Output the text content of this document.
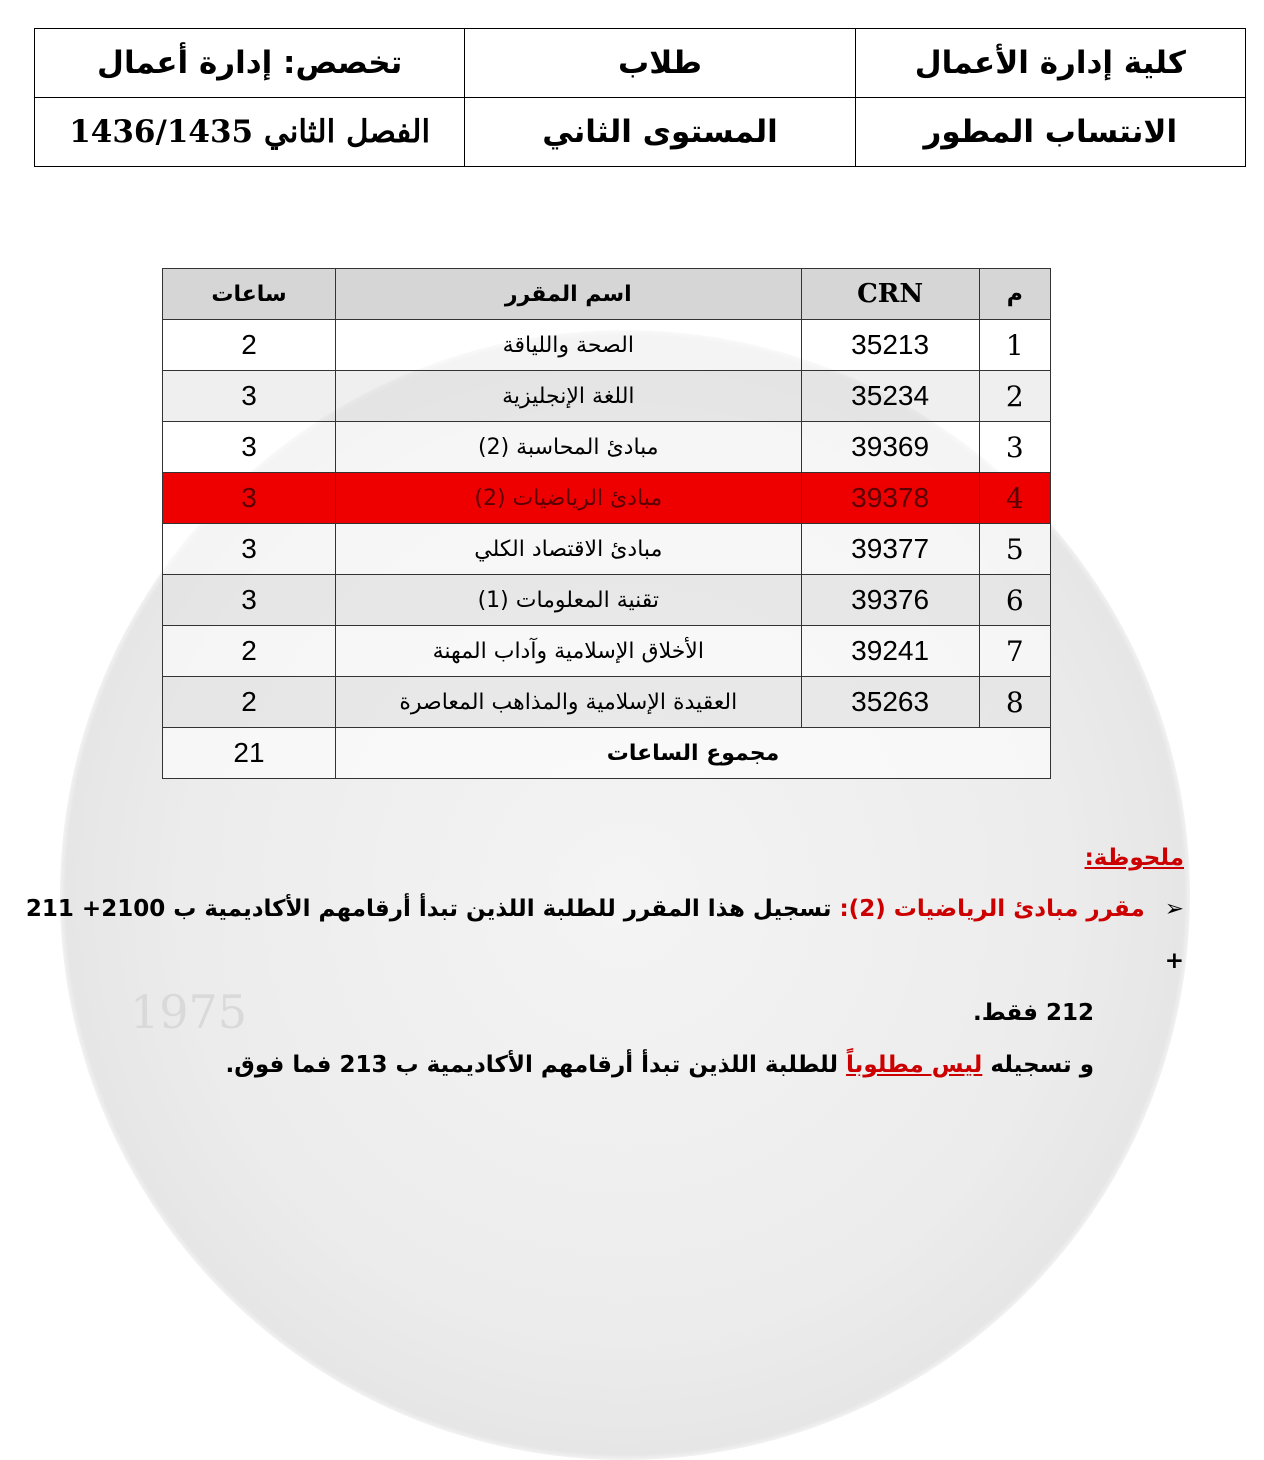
1975
تخصص: إدارة أعمال	طلاب	كلية إدارة الأعمال
الفصل الثاني 1436/1435	المستوى الثاني	الانتساب المطور
م	CRN	اسم المقرر	ساعات
1	35213	الصحة واللياقة	2
2	35234	اللغة الإنجليزية	3
3	39369	مبادئ المحاسبة (2)	3
4	39378	مبادئ الرياضيات (2)	3
5	39377	مبادئ الاقتصاد الكلي	3
6	39376	تقنية المعلومات (1)	3
7	39241	الأخلاق الإسلامية وآداب المهنة	2
8	35263	العقيدة الإسلامية والمذاهب المعاصرة	2
مجموع الساعات			21
ملحوظة:

➢ مقرر مبادئ الرياضيات (2): تسجيل هذا المقرر للطلبة اللذين تبدأ أرقامهم الأكاديمية ب 2100+ 211 +

212 فقط.

و تسجيله ليس مطلوباً للطلبة اللذين تبدأ أرقامهم الأكاديمية ب 213 فما فوق.
